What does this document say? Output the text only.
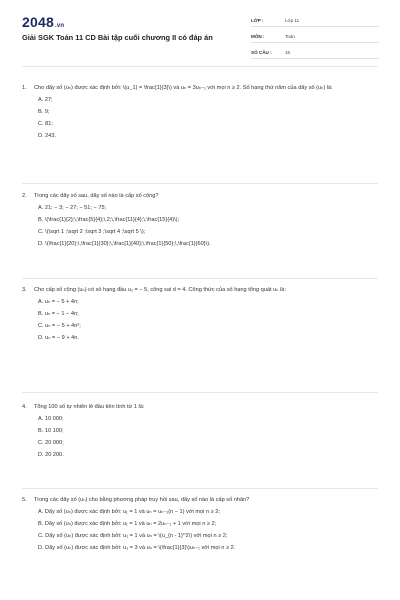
2048.vn
Giải SGK Toán 11 CD Bài tập cuối chương II có đáp án
LỚP :	Lớp 11
MÔN :	Toán
SỐ CÂU :	16
1.	Cho dãy số (uₙ) được xác định bởi: \(u_1} = \frac{1}{3}\) và uₙ = 3uₙ₋₁ với mọi n ≥ 2. Số hạng thứ năm của dãy số (uₙ) là:
A. 27;
B. 9;
C. 81;
D. 243.
2.	Trong các dãy số sau, dãy số nào là cấp số cộng?
A. 21; − 3; − 27; − 51; − 75;
B. \(\frac{1}{2};\,\frac{5}{4};\,2;\,\frac{11}{4};\,\frac{15}{4}\);
C. \(\sqrt 1 ;\sqrt 2 ;\sqrt 3 ;\sqrt 4 ;\sqrt 5 \);
D. \(\frac{1}{20};\,\frac{1}{30};\,\frac{1}{40};\,\frac{1}{50};\,\frac{1}{60}\).
3.	Cho cấp số cộng (uₙ) có số hạng đầu u₁ = − 5, công sai d = 4. Công thức của số hạng tổng quát uₙ là:
A. uₙ = − 5 + 4n;
B. uₙ = − 1 − 4n;
C. uₙ = − 5 + 4n²;
D. uₙ = − 9 + 4n.
4.	Tổng 100 số tự nhiên lẻ đầu tiên tính từ 1 là:
A. 10 000;
B. 10 100;
C. 20 000;
D. 20 200.
5.	Trong các dãy số (uₙ) cho bằng phương pháp truy hồi sau, dãy số nào là cấp số nhân?
A. Dãy số (uₙ) được xác định bởi: u₁ = 1 và uₙ = uₙ₋₁(n − 1) với mọi n ≥ 2;
B. Dãy số (uₙ) được xác định bởi: u₁ = 1 và uₙ = 2uₙ₋₁ + 1 với mọi n ≥ 2;
C. Dãy số (uₙ) được xác định bởi: u₁ = 1 và uₙ = \(u_{n - 1}^2\) với mọi n ≥ 2;
D. Dãy số (uₙ) được xác định bởi: u₁ = 3 và uₙ = \(\frac{1}{3}\)uₙ₋₁ với mọi n ≥ 2.
